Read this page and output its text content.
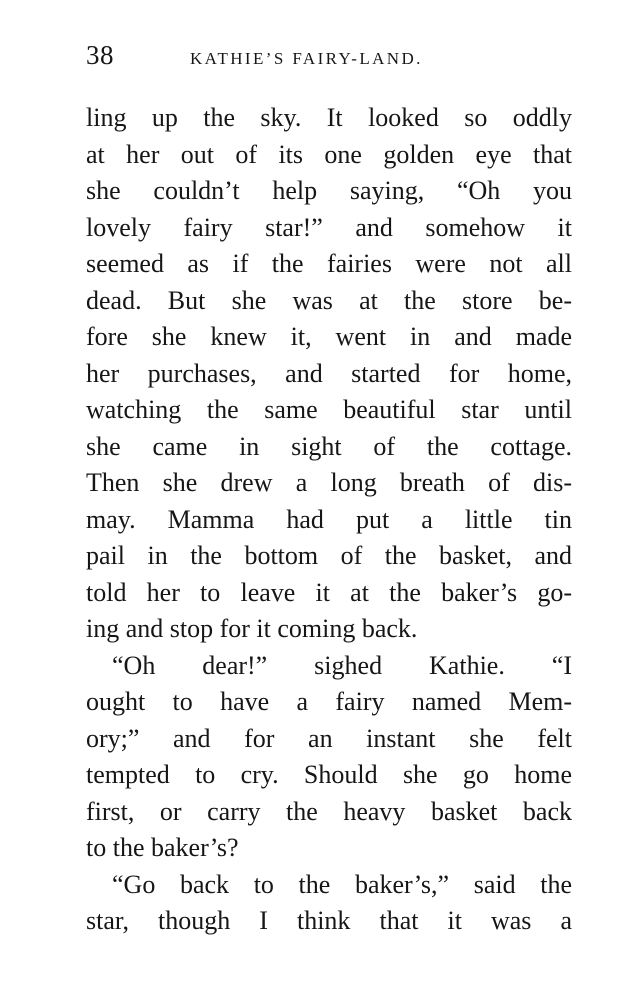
38	KATHIE’S FAIRY-LAND.
ling up the sky. It looked so oddly
at her out of its one golden eye that
she couldn’t help saying, “Oh you
lovely fairy star!” and somehow it
seemed as if the fairies were not all
dead. But she was at the store be-
fore she knew it, went in and made
her purchases, and started for home,
watching the same beautiful star until
she came in sight of the cottage.
Then she drew a long breath of dis-
may. Mamma had put a little tin
pail in the bottom of the basket, and
told her to leave it at the baker’s go-
ing and stop for it coming back.
“Oh dear!” sighed Kathie. “I
ought to have a fairy named Mem-
ory;” and for an instant she felt
tempted to cry. Should she go home
first, or carry the heavy basket back
to the baker’s?
“Go back to the baker’s,” said the
star, though I think that it was a
